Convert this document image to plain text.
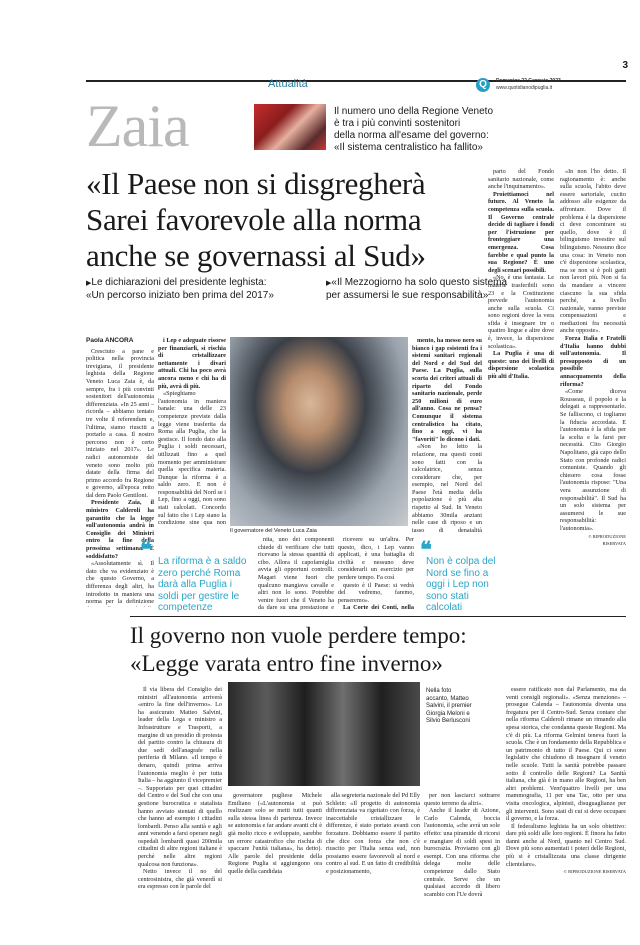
3
Attualità	Q	Domenica 22 Gennaio 2023
www.quotidianodipuglia.it
Zaia	Il numero uno della Regione Veneto
è tra i più convinti sostenitori
della norma all'esame del governo:
«Il sistema centralistico ha fallito»
«Il Paese non si disgregherà
Sarei favorevole alla norma
anche se governassi al Sud»
▶Le dichiarazioni del presidente leghista:
«Un percorso iniziato ben prima del 2017»
▶«Il Mezzogiorno ha solo questo sistema
per assumersi le sue responsabilità»
Paola ANCORA

Cresciuto a pane e politica nella provincia trevigiana, il presidente leghista della Regione Veneto Luca Zaia è, da sempre, fra i più convinti sostenitori dell'autonomia differenziata. «In 25 anni – ricorda – abbiamo tentato tre volte il referendum e, l'ultima, siamo riusciti a portarlo a casa. Il nostro percorso non è certo iniziato nel 2017». Le radici autonomiste del veneto sono molto più datate della firma del primo accordo fra Regione e governo, all'epoca retto dal dem Paolo Gentiloni.

Presidente Zaia, il ministro Calderoli ha garantito che la legge sull'autonomia andrà in Consiglio dei Ministri entro la fine della prossima settimana. È soddisfatto?

«Assolutamente sì. Il dato che va evidenziato è che questo Governo, a differenza degli altri, ha introdotto in maniera una norma per la definizione

i Lep e adeguate risorse per finanziarli, si rischia di cristallizzare nettamente i divari attuali. Chi ha poco avrà ancora meno e chi ha di più, avrà di più.

«Spieghiamo l'autonomia in maniera banale: una delle 23 competenze previste dalla legge viene trasferita da Roma alla Puglia, che la gestisce. Il fondo dato alla Puglia i soldi necessari, utilizzati fino a quel momento per amministrare quella specifica materia. Dunque la riforma è a saldo zero. E non è responsabilità del Nord se i Lep, fino a oggi, non sono stati calcolati. Concordo sul fatto che i Lep siano la condizione sine qua non

Il governatore del Veneto Luca Zaia

mento, ha messo nero su bianco i gap esistenti fra i sistemi sanitari regionali del Nord e del Sud del Paese. La Puglia, sulla scorta dei criteri attuali di riparto del Fondo sanitario nazionale, perde 250 milioni di euro all'anno. Cosa ne pensa? Comunque il sistema centralistico ha citato, fino a oggi, vi ha "favoriti" lo dicono i dati.

«Non ho letto la relazione, ma questi conti sono fatti con la calcolatrice, senza considerare che, per esempio, nel Nord del Paese l'età media della popolazione è più alta rispetto al Sud. In Veneto abbiamo 30mila anziani nelle case di riposo e un tasso di denatalità

parto del Fondo sanitario nazionale, come anche l'inquinamento».

Proiettiamoci nel futuro. Al Veneto la competenza sulla scuola. Il Governo centrale decide di tagliare i fondi per l'istruzione per fronteggiare una emergenza. Cosa farebbe e qual punto la sua Regione? È uno degli scenari possibili.

«No, è una fantasia. Le materie trasferibili sono 23 e la Costituzione prevede l'autonomia anche sulla scuola. Ci sono regioni dove la vera sfida è insegnare tre o quattro lingue e altre dove è, invece, la dispersione scolastica».

La Puglia è una di queste: uno dei livelli di dispersione scolastica più alti d'Italia.

«In non l'ho detto. Il ragionamento è: anche sulla scuola, l'abito deve essere sartoriale, cucito addosso alle esigenze da affrontare. Dove il problema è la dispersione ci deve concentrare su quello, dove è il bilinguismo investire sul bilinguismo. Nessuno dice una cosa: in Veneto non c'è dispersione scolastica, ma se non si è poli gatti non lavori più. Non si fa da mandare a vincere ciascuno la sua sfida perché, a livello nazionale, vanno previste compensazioni e mediazioni fra necessità anche opposte».

Forza Italia e Fratelli d'Italia hanno dubbi sull'autonomia. Il presupposto di un possibile annacquamento della riforma?

«Come diceva Rousseau, il popolo e la delegati a rappresentarlo. Se falliscono, ci togliamo la fiducia accordata. E l'autonomia è la sfida per la scelta e la farsi per necessità. Cito Giorgio Napolitano, già capo dello Stato con profonde radici comuniste. Quando gli chiesero cosa fosse l'autonomia rispose: "Una vera assunzione di responsabilità". Il Sud ha un solo sistema per assumersi le sue responsabilità: l'autonomia».

© RIPRODUZIONE RISERVATA

❝ La riforma è a saldo zero perché Roma darà alla Puglia i soldi per gestire le competenze
❝
Non è colpa del Nord se fino a oggi i Lep non sono stati calcolati

nita, uno dei componenti chiede di verificare che tutti ricevano la stessa quantità di cibo. Allora il capofamiglia avvia gli opportuni controlli. Magari viene fuori che qualcuno mangiava cavalle e altri non lo sono. Potrebbe venire fuori che il Veneto ha da dare su una prestazione e

ricevere su un'altra. Per questo, dico, i Lep vanno applicati, è una battaglia di civiltà e nessuno deve considerarli un esercizio per perdere tempo. Fa così

questo è il Paese: si vedrà del vedremo, faremo, penseremo».

La Corte dei Conti, nella

Il governo non vuole perdere tempo:
«Legge varata entro fine inverno»

Il via libera del Consiglio dei ministri all'autonomia arriverà «entro la fine dell'inverno». Lo ha assicurato Matteo Salvini, leader della Lega e ministro a Infrastrutture e Trasporti, a margine di un presidio di protesta del partito contro la chiusura di due sedi dell'anagrafe nella periferia di Milano. «Il tempo è denaro, quindi prima arriva l'autonomia meglio è per tutta Italia – ha aggiunto il vicepremier –. Supportato per quei cittadini del Centro e del Sud che con una gestione burocratica e statalista hanno avviato stentati di quello che hanno ad esempio i cittadini lombardi. Penso alla sanità e agli anni venendo a farsi operare negli ospedali lombardi quasi 200mila cittadini di altre regioni italiane è perché nelle altre regioni qualcosa non funziona».

Netto invece il no del centrosinistra, che già venerdì si era espresso con le parole del

Nella foto accanto, Matteo Salvini, il premier Giorgia Meloni e Silvio Berlusconi

governatore pugliese Michele Emiliano («L'autonomia si può realizzare solo se metti tutti quanti sulla stessa linea di partenza. Invece se autonomia e far andare avanti chi è già molto ricco e sviluppato, sarebbe un errore catastrofico che rischia di spaccare l'unità italiana», ha detto). Alle parole del presidente della Regione Puglia si aggiungono ora quelle della candidata

alla segreteria nazionale del Pd Elly Schlein: «Il progetto di autonomia differenziata va rigettato con forza, è inaccettabile cristallizzare le differenze, è stato portato avanti con forzature. Dobbiamo essere il partito che dice con forza che non c'è riuscito per l'Italia senza sud, non possiamo essere favorevoli al nord e contro al sud. E un fatto di credibilità e posizionamento,

per non lasciarci sottrarre questo terreno da altri».

Anche il leader di Azione, Carlo Calenda, boccia l'autonomia, «che avrà un sole effetto: una piramide di ricorsi e mangiare di soldi spesi in burocrazia. Proviamo con gli esempi. Con una riforma che delega molte delle competenze dallo Stato centrale. Serve che un qualsiasi accordo di libero scambio con l'Ue dovrà

essere ratificato non dal Parlamento, ma da venti consigli regionali». «Senza menzione» – prosegue Calenda – l'autonomia diventa una fregatura per il Centro-Sud. Senza contare che nella riforma Calderoli rimane un rimando alla spesa storica, che condanna queste Regioni. Ma c'è di più. La riforma Gelmini teneva fuori la scuola. Che è un fondamento della Repubblica e un patrimonio di tutto il Paese. Qui ci sono legislativ che chiudono di insegnare il veneto nelle scuole. Tutti la sanità potrebbe passare sotto il controllo delle Regioni? La Sanità italiana, che già è in mano alle Regioni, ha ben altri problemi. Vent'quattro livelli per una mammografia, 11 per una Tac, otto per una visita oncologica, alpinisti, disuguaglianze per gli interventi. Sono stati di cui si deve occupare il governo, e la forza.

Il federalismo leghista ha un solo obiettivo: dare più soldi alle loro regioni. È finora ha fatto danni anche al Nord, quanto nel Centro Sud. Dove più sono aumentati i poteri delle Regioni, più si è cristallizzata una classe dirigente clientelare».

© RIPRODUZIONE RISERVATA
